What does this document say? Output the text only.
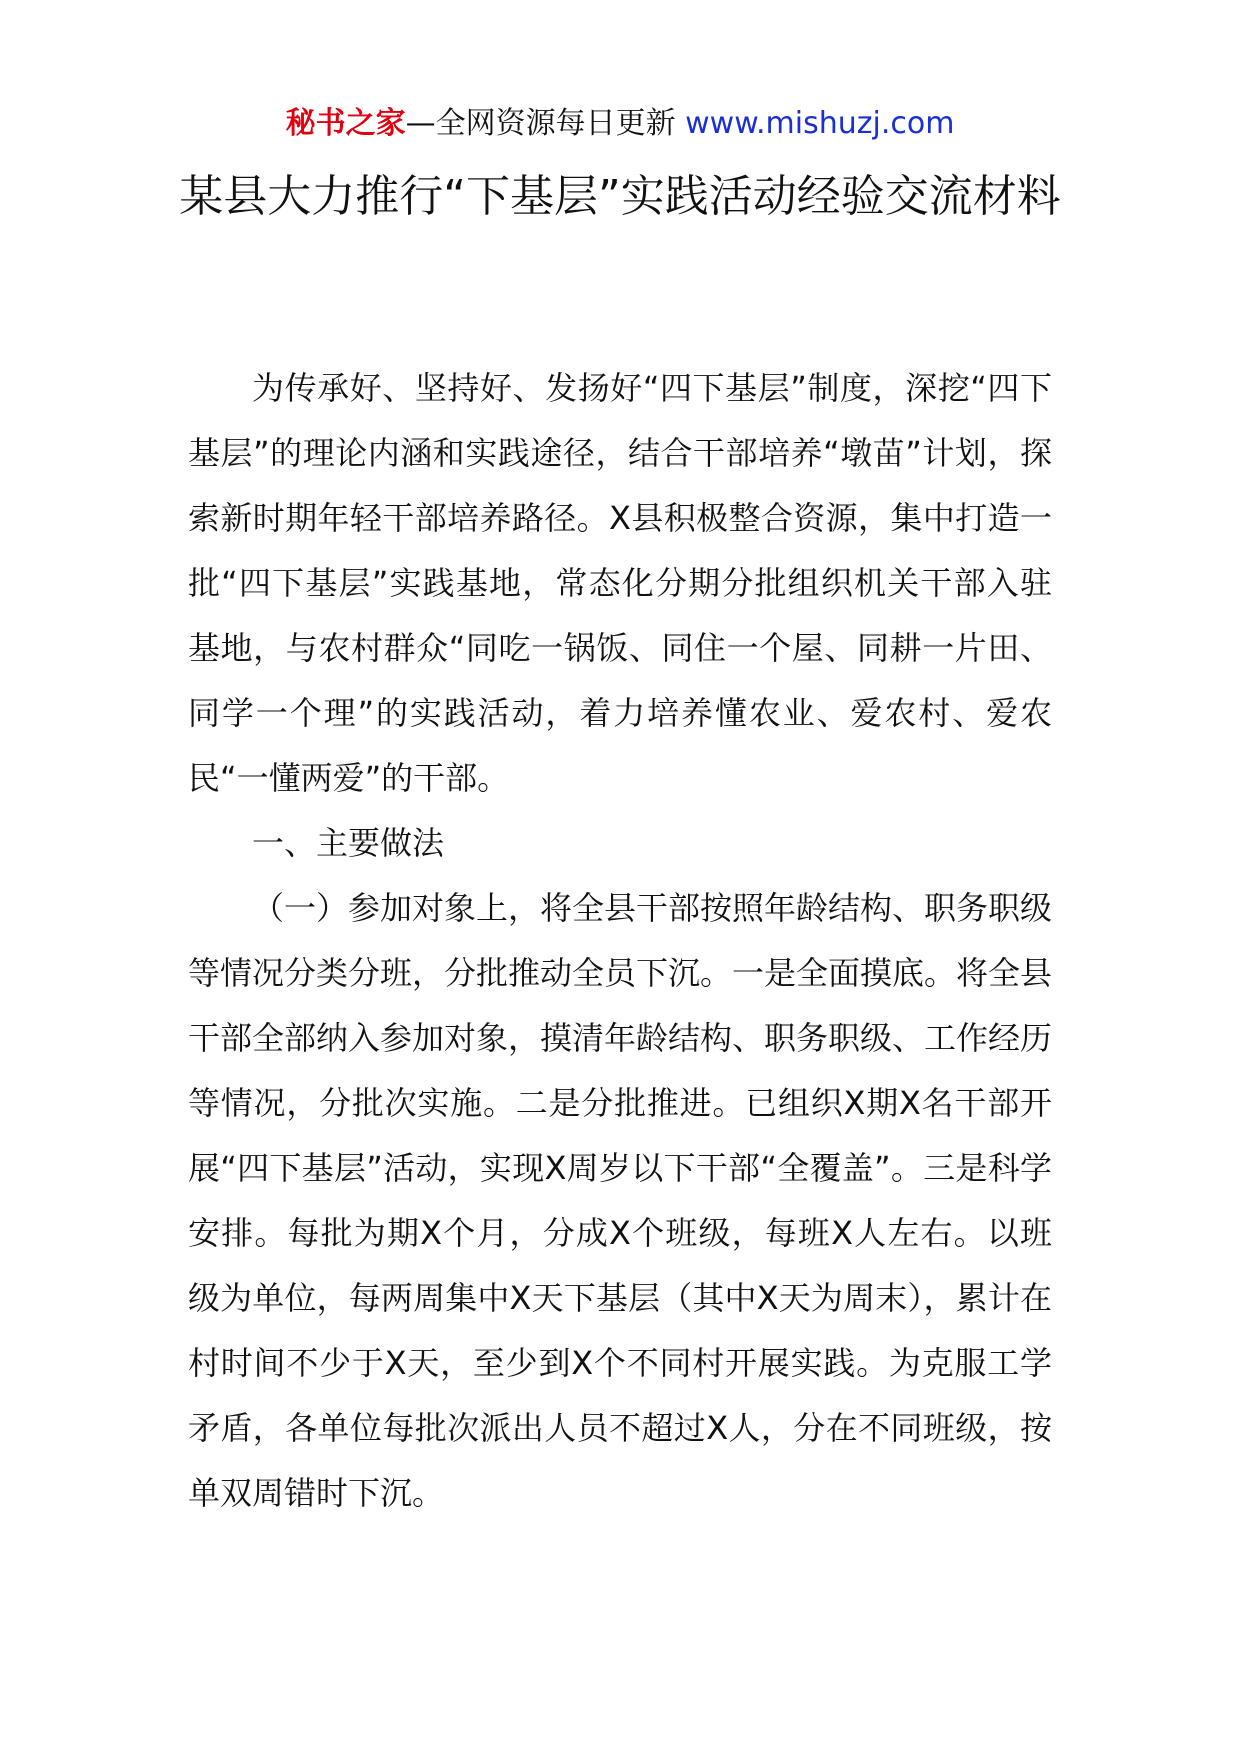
秘书之家—全网资源每日更新 www.mishuzj.com
某县大力推行“下基层”实践活动经验交流材料

为传承好、坚持好、发扬好“四下基层”制度，深挖“四下基层”的理论内涵和实践途径，结合干部培养“墩苗”计划，探索新时期年轻干部培养路径。X县积极整合资源，集中打造一批“四下基层”实践基地，常态化分期分批组织机关干部入驻基地，与农村群众“同吃一锅饭、同住一个屋、同耕一片田、同学一个理”的实践活动，着力培养懂农业、爱农村、爱农民“一懂两爱”的干部。

一、主要做法

（一）参加对象上，将全县干部按照年龄结构、职务职级等情况分类分班，分批推动全员下沉。一是全面摸底。将全县干部全部纳入参加对象，摸清年龄结构、职务职级、工作经历等情况，分批次实施。二是分批推进。已组织X期X名干部开展“四下基层”活动，实现X周岁以下干部“全覆盖”。三是科学安排。每批为期X个月，分成X个班级，每班X人左右。以班级为单位，每两周集中X天下基层（其中X天为周末），累计在村时间不少于X天，至少到X个不同村开展实践。为克服工学矛盾，各单位每批次派出人员不超过X人，分在不同班级，按单双周错时下沉。
